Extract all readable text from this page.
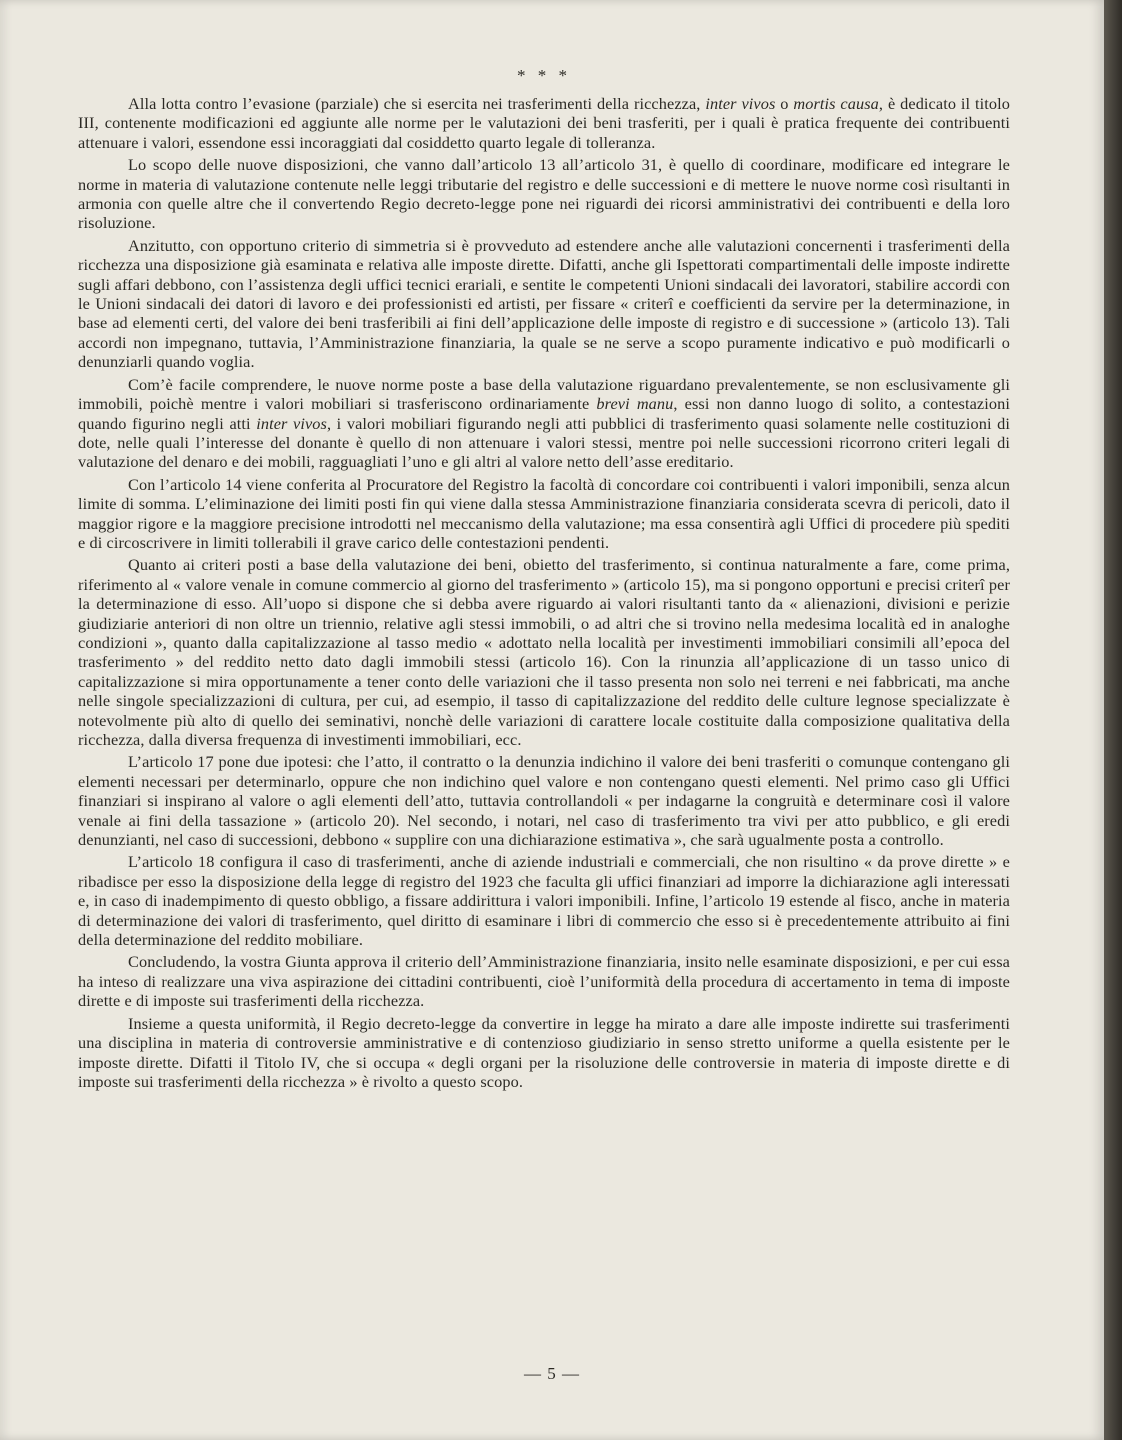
* * *

Alla lotta contro l’evasione (parziale) che si esercita nei trasferimenti della ricchezza, inter vivos o mortis causa, è dedicato il titolo III, contenente modificazioni ed aggiunte alle norme per le valutazioni dei beni trasferiti, per i quali è pratica frequente dei contribuenti attenuare i valori, essendone essi incoraggiati dal cosiddetto quarto legale di tolleranza.

Lo scopo delle nuove disposizioni, che vanno dall’articolo 13 all’articolo 31, è quello di coordinare, modificare ed integrare le norme in materia di valutazione contenute nelle leggi tributarie del registro e delle successioni e di mettere le nuove norme così risultanti in armonia con quelle altre che il convertendo Regio decreto-legge pone nei riguardi dei ricorsi amministrativi dei contribuenti e della loro risoluzione.

Anzitutto, con opportuno criterio di simmetria si è provveduto ad estendere anche alle valutazioni concernenti i trasferimenti della ricchezza una disposizione già esaminata e relativa alle imposte dirette. Difatti, anche gli Ispettorati compartimentali delle imposte indirette sugli affari debbono, con l’assistenza degli uffici tecnici erariali, e sentite le competenti Unioni sindacali dei lavoratori, stabilire accordi con le Unioni sindacali dei datori di lavoro e dei professionisti ed artisti, per fissare « criterî e coefficienti da servire per la determinazione, in base ad elementi certi, del valore dei beni trasferibili ai fini dell’applicazione delle imposte di registro e di successione » (articolo 13). Tali accordi non impegnano, tuttavia, l’Amministrazione finanziaria, la quale se ne serve a scopo puramente indicativo e può modificarli o denunziarli quando voglia.

Com’è facile comprendere, le nuove norme poste a base della valutazione riguardano prevalentemente, se non esclusivamente gli immobili, poichè mentre i valori mobiliari si trasferiscono ordinariamente brevi manu, essi non danno luogo di solito, a contestazioni quando figurino negli atti inter vivos, i valori mobiliari figurando negli atti pubblici di trasferimento quasi solamente nelle costituzioni di dote, nelle quali l’interesse del donante è quello di non attenuare i valori stessi, mentre poi nelle successioni ricorrono criteri legali di valutazione del denaro e dei mobili, ragguagliati l’uno e gli altri al valore netto dell’asse ereditario.

Con l’articolo 14 viene conferita al Procuratore del Registro la facoltà di concordare coi contribuenti i valori imponibili, senza alcun limite di somma. L’eliminazione dei limiti posti fin qui viene dalla stessa Amministrazione finanziaria considerata scevra di pericoli, dato il maggior rigore e la maggiore precisione introdotti nel meccanismo della valutazione; ma essa consentirà agli Uffici di procedere più spediti e di circoscrivere in limiti tollerabili il grave carico delle contestazioni pendenti.

Quanto ai criteri posti a base della valutazione dei beni, obietto del trasferimento, si continua naturalmente a fare, come prima, riferimento al « valore venale in comune commercio al giorno del trasferimento » (articolo 15), ma si pongono opportuni e precisi criterî per la determinazione di esso. All’uopo si dispone che si debba avere riguardo ai valori risultanti tanto da « alienazioni, divisioni e perizie giudiziarie anteriori di non oltre un triennio, relative agli stessi immobili, o ad altri che si trovino nella medesima località ed in analoghe condizioni », quanto dalla capitalizzazione al tasso medio « adottato nella località per investimenti immobiliari consimili all’epoca del trasferimento » del reddito netto dato dagli immobili stessi (articolo 16). Con la rinunzia all’applicazione di un tasso unico di capitalizzazione si mira opportunamente a tener conto delle variazioni che il tasso presenta non solo nei terreni e nei fabbricati, ma anche nelle singole specializzazioni di cultura, per cui, ad esempio, il tasso di capitalizzazione del reddito delle culture legnose specializzate è notevolmente più alto di quello dei seminativi, nonchè delle variazioni di carattere locale costituite dalla composizione qualitativa della ricchezza, dalla diversa frequenza di investimenti immobiliari, ecc.

L’articolo 17 pone due ipotesi: che l’atto, il contratto o la denunzia indichino il valore dei beni trasferiti o comunque contengano gli elementi necessari per determinarlo, oppure che non indichino quel valore e non contengano questi elementi. Nel primo caso gli Uffici finanziari si inspirano al valore o agli elementi dell’atto, tuttavia controllandoli « per indagarne la congruità e determinare così il valore venale ai fini della tassazione » (articolo 20). Nel secondo, i notari, nel caso di trasferimento tra vivi per atto pubblico, e gli eredi denunzianti, nel caso di successioni, debbono « supplire con una dichiarazione estimativa », che sarà ugualmente posta a controllo.

L’articolo 18 configura il caso di trasferimenti, anche di aziende industriali e commerciali, che non risultino « da prove dirette » e ribadisce per esso la disposizione della legge di registro del 1923 che faculta gli uffici finanziari ad imporre la dichiarazione agli interessati e, in caso di inadempimento di questo obbligo, a fissare addirittura i valori imponibili. Infine, l’articolo 19 estende al fisco, anche in materia di determinazione dei valori di trasferimento, quel diritto di esaminare i libri di commercio che esso si è precedentemente attribuito ai fini della determinazione del reddito mobiliare.

Concludendo, la vostra Giunta approva il criterio dell’Amministrazione finanziaria, insito nelle esaminate disposizioni, e per cui essa ha inteso di realizzare una viva aspirazione dei cittadini contribuenti, cioè l’uniformità della procedura di accertamento in tema di imposte dirette e di imposte sui trasferimenti della ricchezza.

Insieme a questa uniformità, il Regio decreto-legge da convertire in legge ha mirato a dare alle imposte indirette sui trasferimenti una disciplina in materia di controversie amministrative e di contenzioso giudiziario in senso stretto uniforme a quella esistente per le imposte dirette. Difatti il Titolo IV, che si occupa « degli organi per la risoluzione delle controversie in materia di imposte dirette e di imposte sui trasferimenti della ricchezza » è rivolto a questo scopo.

— 5 —
